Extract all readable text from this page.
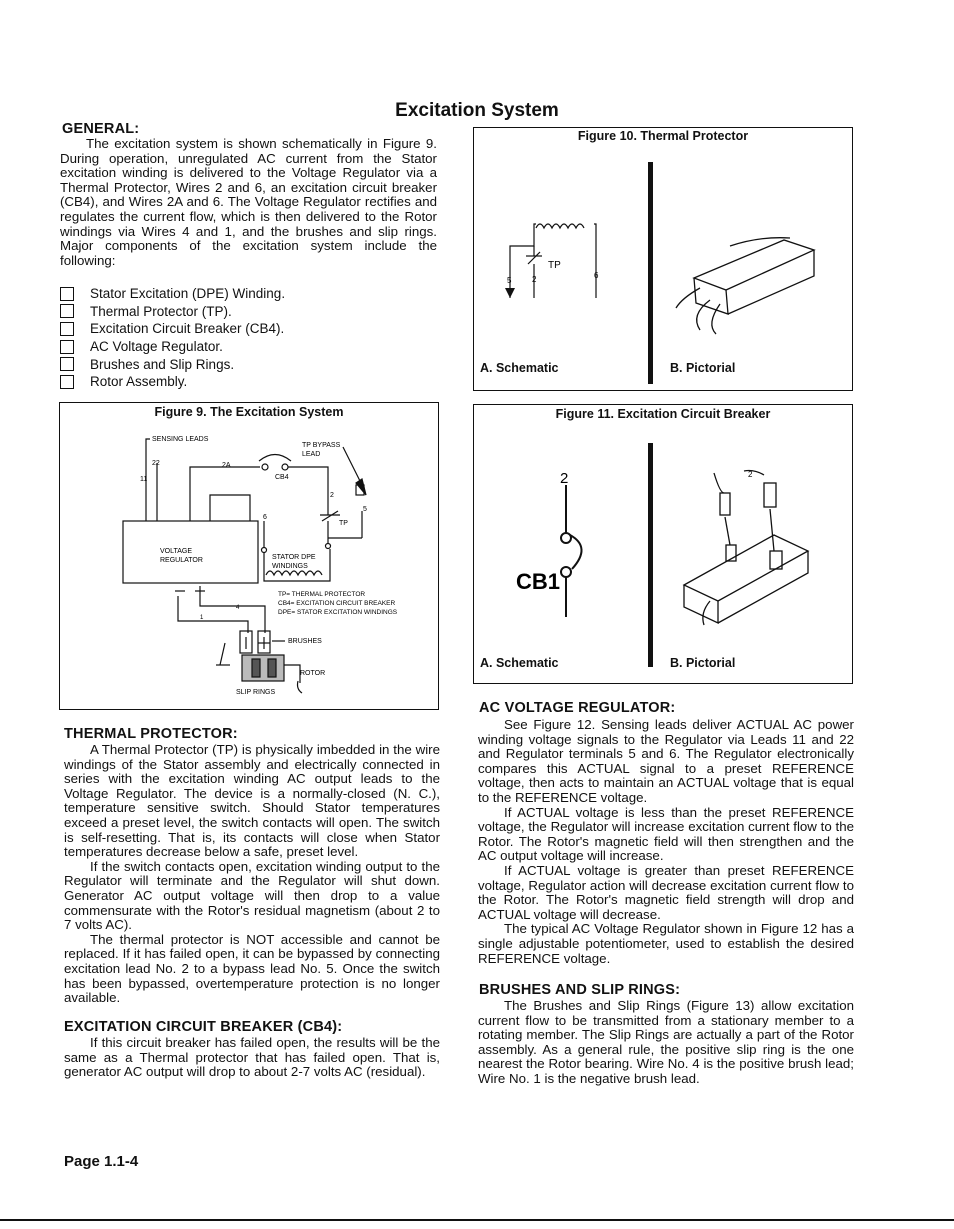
Excitation System
GENERAL:

The excitation system is shown schematically in Figure 9. During operation, unregulated AC current from the Stator excitation winding is delivered to the Voltage Regulator via a Thermal Protector, Wires 2 and 6, an excitation circuit breaker (CB4), and Wires 2A and 6. The Voltage Regulator rectifies and regulates the current flow, which is then delivered to the Rotor windings via Wires 4 and 1, and the brushes and slip rings. Major components of the excitation system include the following:

Stator Excitation (DPE) Winding.
Thermal Protector (TP).
Excitation Circuit Breaker (CB4).
AC Voltage Regulator.
Brushes and Slip Rings.
Rotor Assembly.
Figure 9. The Excitation System
SENSING LEADS
TP BYPASS
LEAD
22
11
2A
CB4
2
5
6
TP
VOLTAGE
REGULATOR	STATOR DPE
WINDINGS
4
1
BRUSHES
ROTOR
SLIP RINGS
TP= THERMAL PROTECTOR
CB4= EXCITATION CIRCUIT BREAKER
DPE= STATOR EXCITATION WINDINGS
THERMAL PROTECTOR:

A Thermal Protector (TP) is physically imbedded in the wire windings of the Stator assembly and electrically connected in series with the excitation winding AC output leads to the Voltage Regulator. The device is a normally-closed (N. C.), temperature sensitive switch. Should Stator temperatures exceed a preset level, the switch contacts will open. The switch is self-resetting. That is, its contacts will close when Stator temperatures decrease below a safe, preset level.

If the switch contacts open, excitation winding output to the Regulator will terminate and the Regulator will shut down. Generator AC output voltage will then drop to a value commensurate with the Rotor's residual magnetism (about 2 to 7 volts AC).

The thermal protector is NOT accessible and cannot be replaced. If it has failed open, it can be bypassed by connecting excitation lead No. 2 to a bypass lead No. 5. Once the switch has been bypassed, overtemperature protection is no longer available.

EXCITATION CIRCUIT BREAKER (CB4):

If this circuit breaker has failed open, the results will be the same as a Thermal protector that has failed open. That is, generator AC output will drop to about 2-7 volts AC (residual).

Figure 10. Thermal Protector
TP
5	2	6
A. Schematic	B. Pictorial
Figure 11. Excitation Circuit Breaker
2
CB1
2
A. Schematic	B. Pictorial
AC VOLTAGE REGULATOR:

See Figure 12. Sensing leads deliver ACTUAL AC power winding voltage signals to the Regulator via Leads 11 and 22 and Regulator terminals 5 and 6. The Regulator electronically compares this ACTUAL signal to a preset REFERENCE voltage, then acts to maintain an ACTUAL voltage that is equal to the REFERENCE voltage.

If ACTUAL voltage is less than the preset REFERENCE voltage, the Regulator will increase excitation current flow to the Rotor. The Rotor's magnetic field will then strengthen and the AC output voltage will increase.

If ACTUAL voltage is greater than preset REFERENCE voltage, Regulator action will decrease excitation current flow to the Rotor. The Rotor's magnetic field strength will drop and ACTUAL voltage will decrease.

The typical AC Voltage Regulator shown in Figure 12 has a single adjustable potentiometer, used to establish the desired REFERENCE voltage.

BRUSHES AND SLIP RINGS:

The Brushes and Slip Rings (Figure 13) allow excitation current flow to be transmitted from a stationary member to a rotating member. The Slip Rings are actually a part of the Rotor assembly. As a general rule, the positive slip ring is the one nearest the Rotor bearing. Wire No. 4 is the positive brush lead; Wire No. 1 is the negative brush lead.

Page 1.1-4
